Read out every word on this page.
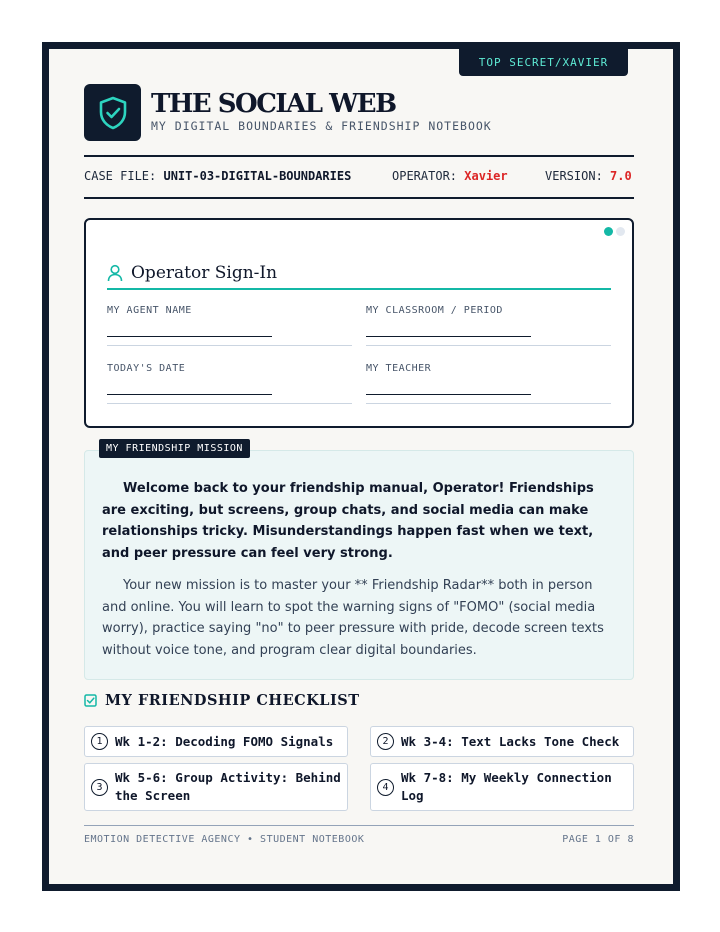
TOP SECRET/XAVIER
THE SOCIAL WEB
MY DIGITAL BOUNDARIES & FRIENDSHIP NOTEBOOK
CASE FILE: UNIT-03-DIGITAL-BOUNDARIES	OPERATOR: Xavier	VERSION: 7.0
Operator Sign-In
MY AGENT NAME	MY CLASSROOM / PERIOD
TODAY'S DATE	MY TEACHER
MY FRIENDSHIP MISSION

Welcome back to your friendship manual, Operator! Friendships are exciting, but screens, group chats, and social media can make relationships tricky. Misunderstandings happen fast when we text, and peer pressure can feel very strong.

Your new mission is to master your ** Friendship Radar** both in person and online. You will learn to spot the warning signs of "FOMO" (social media worry), practice saying "no" to peer pressure with pride, decode screen texts without voice tone, and program clear digital boundaries.

MY FRIENDSHIP CHECKLIST
1 Wk 1-2: Decoding FOMO Signals	2 Wk 3-4: Text Lacks Tone Check
3
Wk 5-6: Group Activity: Behind the Screen
4
Wk 7-8: My Weekly Connection Log
EMOTION DETECTIVE AGENCY • STUDENT NOTEBOOK	PAGE 1 OF 8
